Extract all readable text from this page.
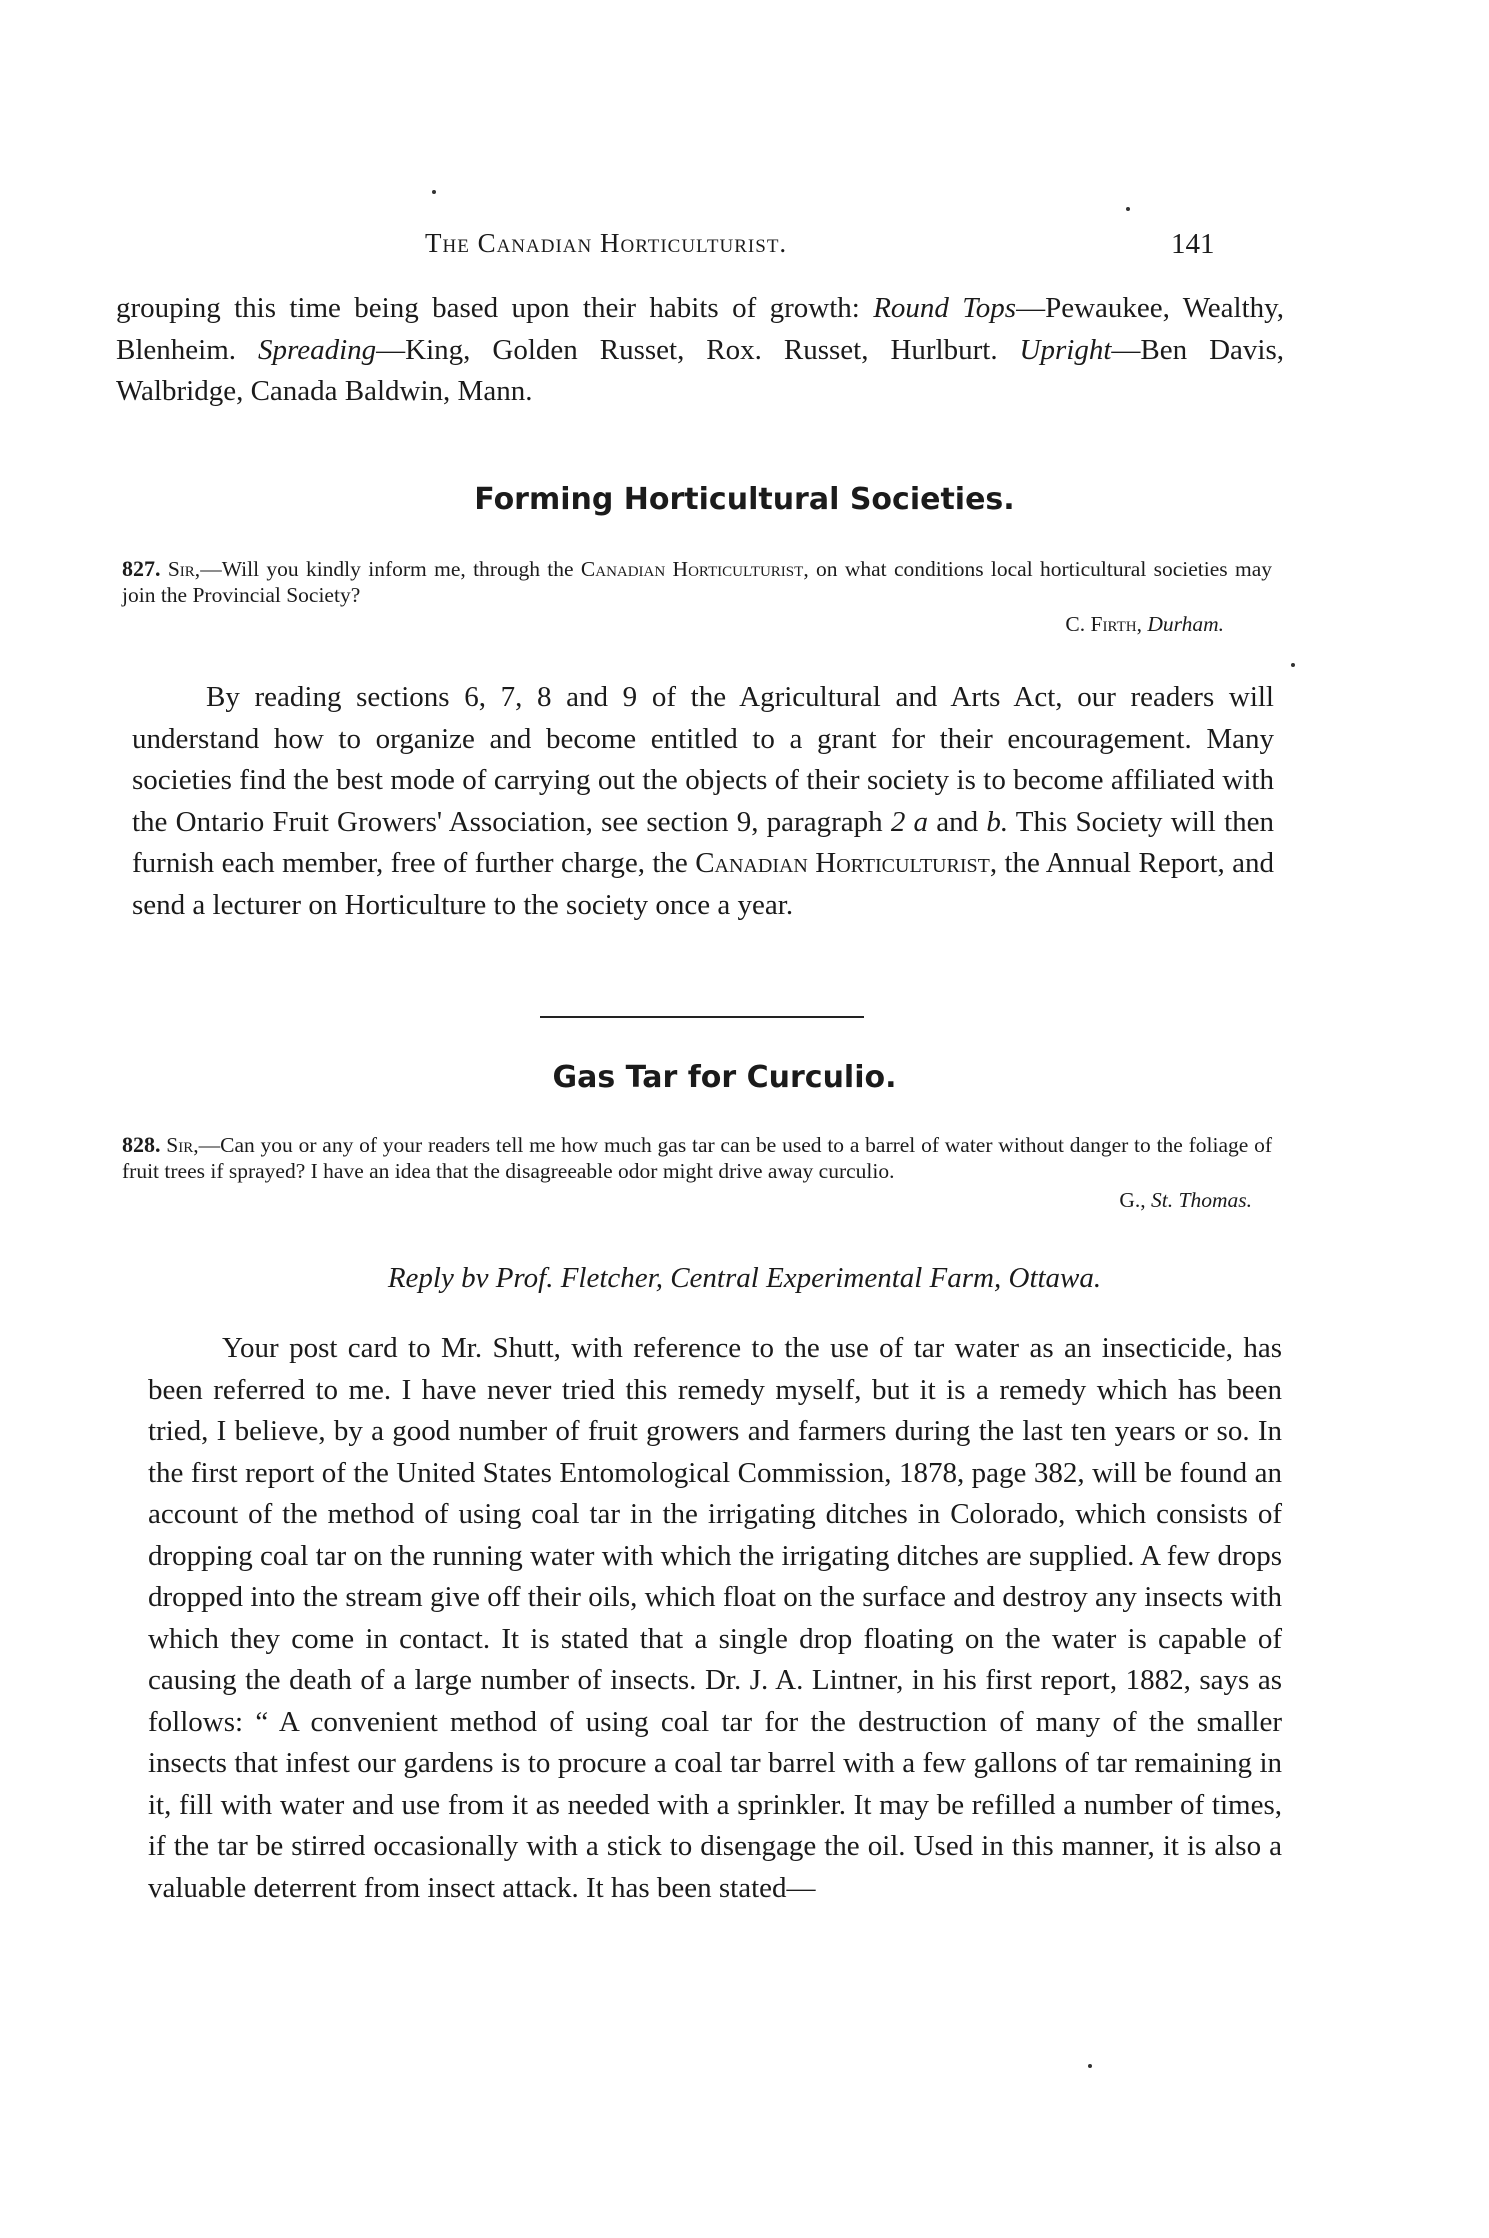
The Canadian Horticulturist.	141

grouping this time being based upon their habits of growth: Round Tops—Pewaukee, Wealthy, Blenheim. Spreading—King, Golden Russet, Rox. Russet, Hurlburt. Upright—Ben Davis, Walbridge, Canada Baldwin, Mann.

Forming Horticultural Societies.

827. Sir,—Will you kindly inform me, through the Canadian Horticulturist, on what conditions local horticultural societies may join the Provincial Society?

C. Firth, Durham.

By reading sections 6, 7, 8 and 9 of the Agricultural and Arts Act, our readers will understand how to organize and become entitled to a grant for their encouragement. Many societies find the best mode of carrying out the objects of their society is to become affiliated with the Ontario Fruit Growers' Association, see section 9, paragraph 2 a and b. This Society will then furnish each member, free of further charge, the Canadian Horticulturist, the Annual Report, and send a lecturer on Horticulture to the society once a year.

Gas Tar for Curculio.

828. Sir,—Can you or any of your readers tell me how much gas tar can be used to a barrel of water without danger to the foliage of fruit trees if sprayed? I have an idea that the disagreeable odor might drive away curculio.

G., St. Thomas.

Reply bv Prof. Fletcher, Central Experimental Farm, Ottawa.

Your post card to Mr. Shutt, with reference to the use of tar water as an insecticide, has been referred to me. I have never tried this remedy myself, but it is a remedy which has been tried, I believe, by a good number of fruit growers and farmers during the last ten years or so. In the first report of the United States Entomological Commission, 1878, page 382, will be found an account of the method of using coal tar in the irrigating ditches in Colorado, which consists of dropping coal tar on the running water with which the irrigating ditches are supplied. A few drops dropped into the stream give off their oils, which float on the surface and destroy any insects with which they come in contact. It is stated that a single drop floating on the water is capable of causing the death of a large number of insects. Dr. J. A. Lintner, in his first report, 1882, says as follows: “ A convenient method of using coal tar for the destruction of many of the smaller insects that infest our gardens is to procure a coal tar barrel with a few gallons of tar remaining in it, fill with water and use from it as needed with a sprinkler. It may be refilled a number of times, if the tar be stirred occasionally with a stick to disengage the oil. Used in this manner, it is also a valuable deterrent from insect attack. It has been stated—
